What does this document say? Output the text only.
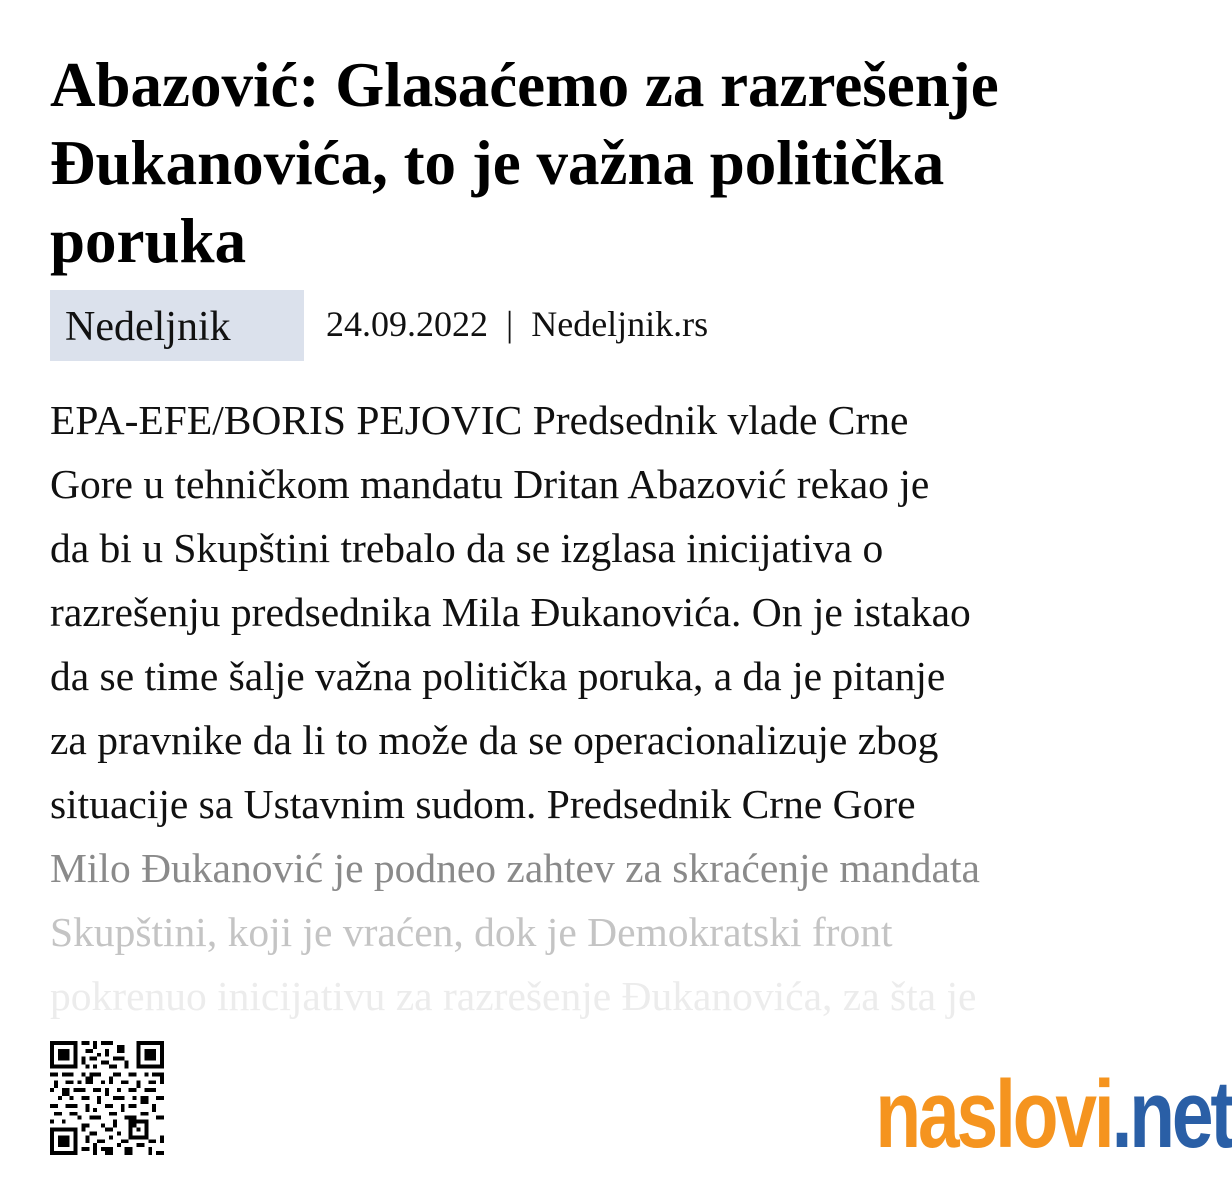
Abazović: Glasaćemo za razrešenje Đukanovića, to je važna politička poruka
Nedeljnik	24.09.2022 | Nedeljnik.rs
EPA-EFE/BORIS PEJOVIC Predsednik vlade Crne
Gore u tehničkom mandatu Dritan Abazović rekao je
da bi u Skupštini trebalo da se izglasa inicijativa o
razrešenju predsednika Mila Đukanovića. On je istakao
da se time šalje važna politička poruka, a da je pitanje
za pravnike da li to može da se operacionalizuje zbog
situacije sa Ustavnim sudom. Predsednik Crne Gore
Milo Đukanović je podneo zahtev za skraćenje mandata
Skupštini, koji je vraćen, dok je Demokratski front
pokrenuo inicijativu za razrešenje Đukanovića, za šta je
naslovi.net
